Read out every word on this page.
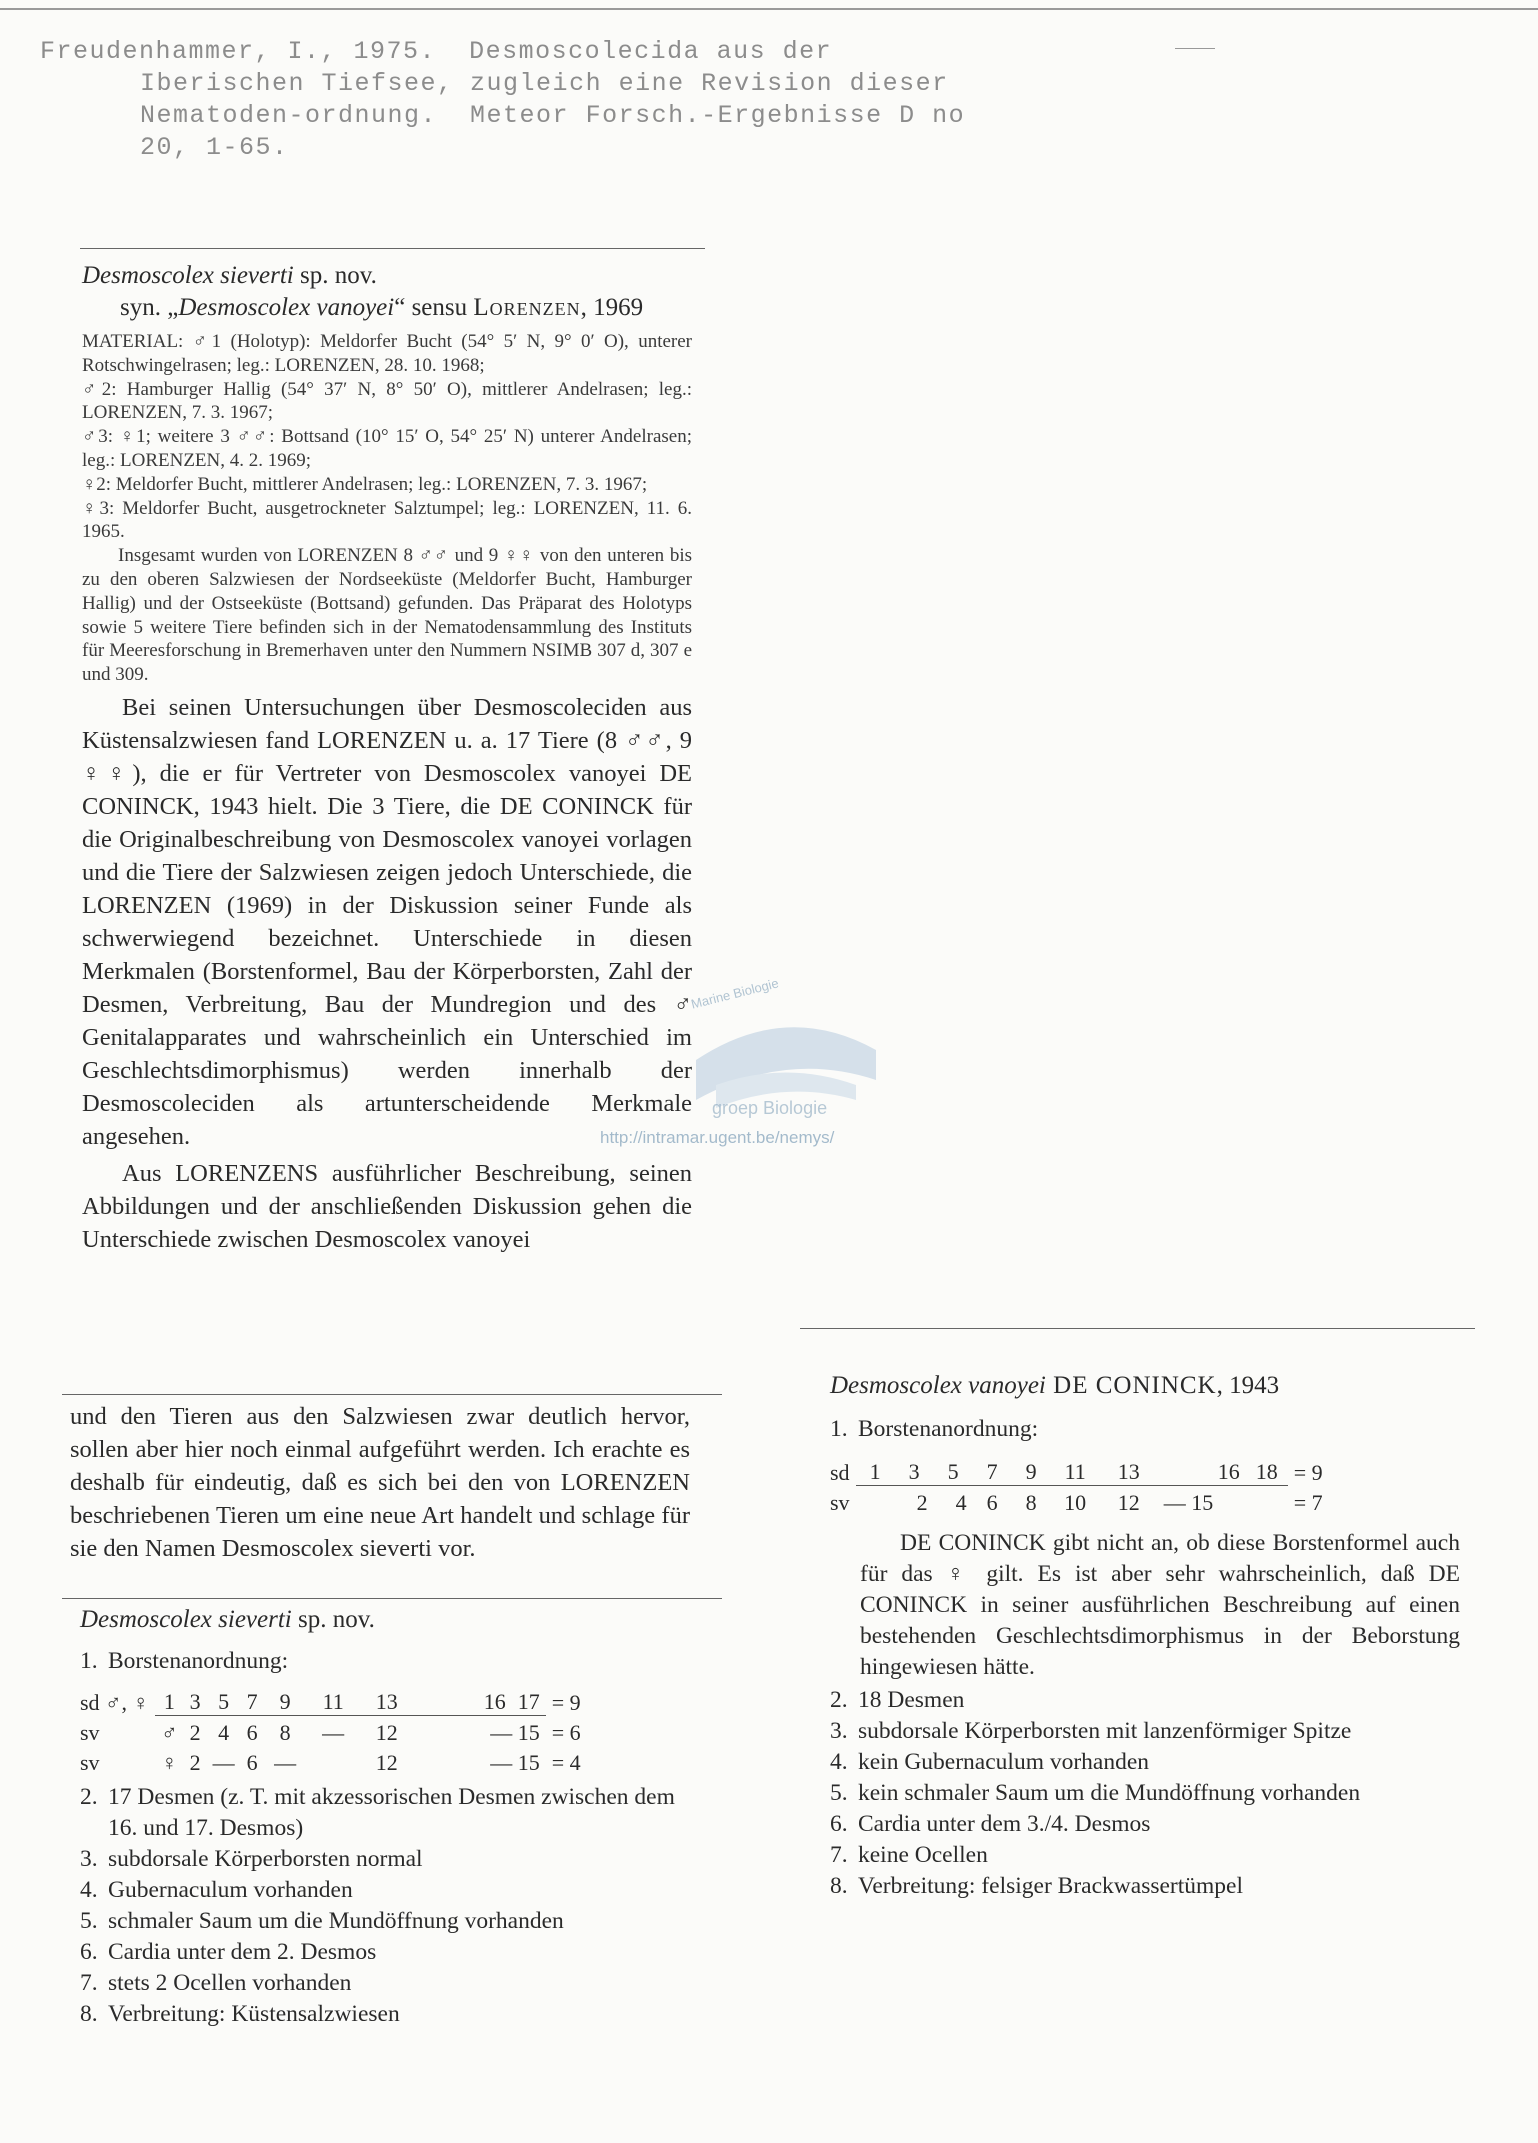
Freudenhammer, I., 1975.  Desmoscolecida aus der
Iberischen Tiefsee, zugleich eine Revision dieser
Nematoden-ordnung.  Meteor Forsch.-Ergebnisse D no
20, 1-65.

Desmoscolex sieverti sp. nov.

syn. „Desmoscolex vanoyei“ sensu Lorenzen, 1969

MATERIAL: ♂1 (Holotyp): Meldorfer Bucht (54° 5′ N, 9° 0′ O), unterer Rotschwingelrasen; leg.: LORENZEN, 28. 10. 1968;

♂2: Hamburger Hallig (54° 37′ N, 8° 50′ O), mittlerer Andelrasen; leg.: LORENZEN, 7. 3. 1967;

♂3: ♀1; weitere 3 ♂♂: Bottsand (10° 15′ O, 54° 25′ N) unterer Andelrasen; leg.: LORENZEN, 4. 2. 1969;

♀2: Meldorfer Bucht, mittlerer Andelrasen; leg.: LORENZEN, 7. 3. 1967;

♀3: Meldorfer Bucht, ausgetrockneter Salztumpel; leg.: LORENZEN, 11. 6. 1965.

Insgesamt wurden von LORENZEN 8 ♂♂ und 9 ♀♀ von den unteren bis zu den oberen Salzwiesen der Nordseeküste (Meldorfer Bucht, Hamburger Hallig) und der Ostseeküste (Bottsand) gefunden. Das Präparat des Holotyps sowie 5 weitere Tiere befinden sich in der Nematodensammlung des Instituts für Meeresforschung in Bremerhaven unter den Nummern NSIMB 307 d, 307 e und 309.

Bei seinen Untersuchungen über Desmoscoleciden aus Küstensalzwiesen fand LORENZEN u. a. 17 Tiere (8 ♂♂, 9 ♀♀), die er für Vertreter von Desmoscolex vanoyei DE CONINCK, 1943 hielt. Die 3 Tiere, die DE CONINCK für die Originalbeschreibung von Desmoscolex vanoyei vorlagen und die Tiere der Salzwiesen zeigen jedoch Unterschiede, die LORENZEN (1969) in der Diskussion seiner Funde als schwerwiegend bezeichnet. Unterschiede in diesen Merkmalen (Borstenformel, Bau der Körperborsten, Zahl der Desmen, Verbreitung, Bau der Mundregion und des ♂ Genitalapparates und wahrscheinlich ein Unterschied im Geschlechtsdimorphismus) werden innerhalb der Desmoscoleciden als artunterscheidende Merkmale angesehen.

Aus LORENZENS ausführlicher Beschreibung, seinen Abbildungen und der anschließenden Diskussion gehen die Unterschiede zwischen Desmoscolex vanoyei

und den Tieren aus den Salzwiesen zwar deutlich hervor, sollen aber hier noch einmal aufgeführt werden. Ich erachte es deshalb für eindeutig, daß es sich bei den von LORENZEN beschriebenen Tieren um eine neue Art handelt und schlage für sie den Namen Desmoscolex sieverti vor.

Desmoscolex sieverti sp. nov.

1. Borstenanordnung:
sd ♂, ♀	1	3	5	7	9	11	13	16	17	= 9
sv	♂	2	4	6	8	—	12	— 15		= 6
sv	♀	2	—	6	—		12	— 15		= 4
2. 17 Desmen (z. T. mit akzessorischen Desmen zwischen dem 16. und 17. Desmos)
3. subdorsale Körperborsten normal
4. Gubernaculum vorhanden
5. schmaler Saum um die Mundöffnung vorhanden
6. Cardia unter dem 2. Desmos
7. stets 2 Ocellen vorhanden
8. Verbreitung: Küstensalzwiesen

Desmoscolex vanoyei DE CONINCK, 1943

1. Borstenanordnung:
sd	1	3	5	7	9	11	13	16	18	= 9
sv	2		4	6	8	10	12	— 15		= 7

DE CONINCK gibt nicht an, ob diese Borstenformel auch für das ♀ gilt. Es ist aber sehr wahrscheinlich, daß DE CONINCK in seiner ausführlichen Beschreibung auf einen bestehenden Geschlechtsdimorphismus in der Beborstung hingewiesen hätte.

2. 18 Desmen
3. subdorsale Körperborsten mit lanzenförmiger Spitze
4. kein Gubernaculum vorhanden
5. kein schmaler Saum um die Mundöffnung vorhanden
6. Cardia unter dem 3./4. Desmos
7. keine Ocellen
8. Verbreitung: felsiger Brackwassertümpel
Marine Biologie
groep Biologie
http://intramar.ugent.be/nemys/
